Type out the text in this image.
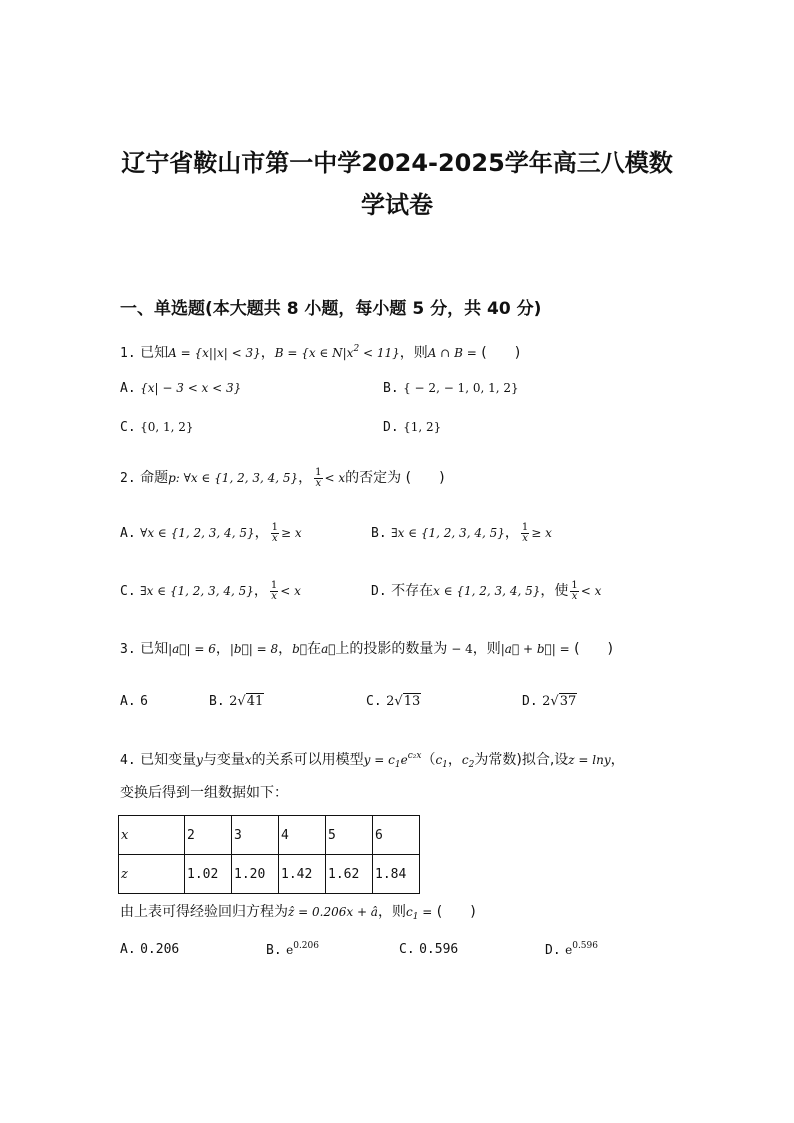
辽宁省鞍山市第一中学2024-2025学年高三八模数
学试卷
一、单选题(本大题共 8 小题，每小题 5 分，共 40 分)
1. 已知A = {x||x| < 3}，B = {x ∈ $N|x^2 < 11$}，则A ∩ B = (　　)
A. {x| − 3 < x < 3}	B. { − 2, − 1, 0, 1, 2}
C. {0, 1, 2}	D. {1, 2}
2. 命题p: ∀x ∈ {1, 2, 3, 4, 5}， $\frac{1}{x} < x$的否定为 (　　)
A. ∀x ∈ {1, 2, 3, 4, 5}， $\frac{1}{x} \ge x$	B. ∃x ∈ {1, 2, 3, 4, 5}， $\frac{1}{x} \ge x$
C. ∃x ∈ {1, 2, 3, 4, 5}， $\frac{1}{x} < x$	D. 不存在x ∈ {1, 2, 3, 4, 5}，使 $\frac{1}{x} < x$
3. 已知|a⃗| = 6，|b⃗| = 8，b⃗在a⃗上的投影的数量为 − 4，则|a⃗ + b⃗| = (　　)
A. 6	B. 2√41	C. 2√13	D. 2√37
4. 已知变量y与变量x的关系可以用模型$y = c_1e^{c_2x}(c_1$，$c_2$为常数)拟合,设z = lny，
变换后得到一组数据如下：
x	2	3	4	5	6
z	1.02	1.20	1.42	1.62	1.84
由上表可得经验回归方程为ẑ = 0.206x + â，则$c_1$ = (　　)
A. 0.206	B. $e^{0.206}$	C. 0.596	D. $e^{0.596}$
